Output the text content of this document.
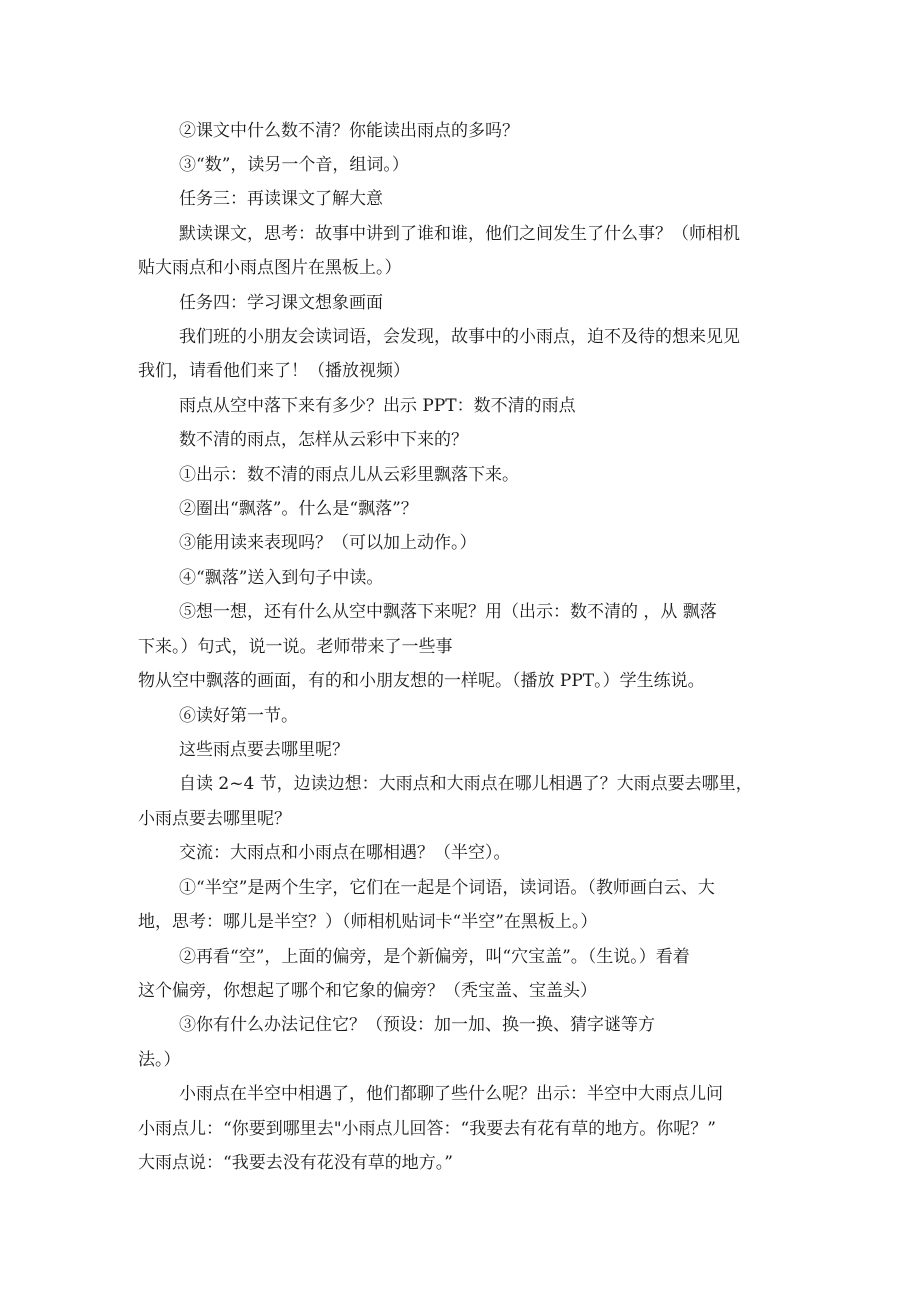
②课文中什么数不清？你能读出雨点的多吗？
③“数”，读另一个音，组词。）
任务三：再读课文了解大意
默读课文，思考：故事中讲到了谁和谁，他们之间发生了什么事？（师相机
贴大雨点和小雨点图片在黑板上。）
任务四：学习课文想象画面
我们班的小朋友会读词语，会发现，故事中的小雨点，迫不及待的想来见见
我们，请看他们来了！（播放视频）
雨点从空中落下来有多少？出示 PPT：数不清的雨点
数不清的雨点，怎样从云彩中下来的？
①出示：数不清的雨点儿从云彩里飘落下来。
②圈出“飘落”。什么是“飘落”？
③能用读来表现吗？（可以加上动作。）
④“飘落”送入到句子中读。
⑤想一想，还有什么从空中飘落下来呢？用（出示：数不清的 ，从 飘落
下来。）句式，说一说。老师带来了一些事
物从空中飘落的画面，有的和小朋友想的一样呢。（播放 PPT。）学生练说。
⑥读好第一节。
这些雨点要去哪里呢？
自读 2~4 节，边读边想：大雨点和大雨点在哪儿相遇了？大雨点要去哪里，
小雨点要去哪里呢？
交流：大雨点和小雨点在哪相遇？（半空）。
①“半空”是两个生字，它们在一起是个词语，读词语。（教师画白云、大
地，思考：哪儿是半空？）（师相机贴词卡“半空”在黑板上。）
②再看“空”，上面的偏旁，是个新偏旁，叫“穴宝盖”。（生说。）看着
这个偏旁，你想起了哪个和它象的偏旁？（秃宝盖、宝盖头）
③你有什么办法记住它？（预设：加一加、换一换、猜字谜等方
法。）
小雨点在半空中相遇了，他们都聊了些什么呢？出示：半空中大雨点儿问
小雨点儿：“你要到哪里去"小雨点儿回答：“我要去有花有草的地方。你呢？”
大雨点说：“我要去没有花没有草的地方。”
